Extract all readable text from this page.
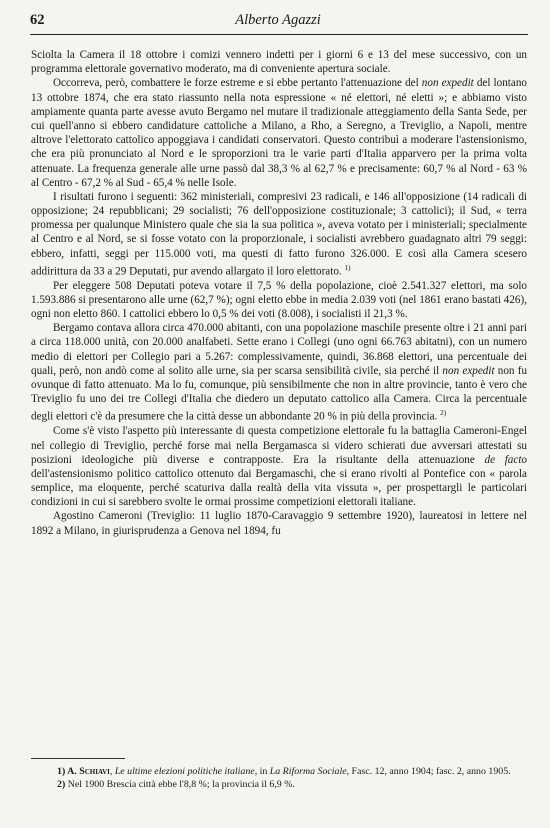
62	Alberto Agazzi

Sciolta la Camera il 18 ottobre i comizi vennero indetti per i giorni 6 e 13 del mese successivo, con un programma elettorale governativo moderato, ma di conveniente apertura sociale.

Occorreva, però, combattere le forze estreme e si ebbe pertanto l'attenuazione del non expedit del lontano 13 ottobre 1874, che era stato riassunto nella nota espressione « né elettori, né eletti »; e abbiamo visto ampiamente quanta parte avesse avuto Bergamo nel mutare il tradizionale atteggiamento della Santa Sede, per cui quell'anno si ebbero candidature cattoliche a Milano, a Rho, a Seregno, a Treviglio, a Napoli, mentre altrove l'elettorato cattolico appoggiava i candidati conservatori. Questo contribuì a moderare l'astensionismo, che era più pronunciato al Nord e le sproporzioni tra le varie parti d'Italia apparvero per la prima volta attenuate. La frequenza generale alle urne passò dal 38,3 % al 62,7 % e precisamente: 60,7 % al Nord - 63 % al Centro - 67,2 % al Sud - 65,4 % nelle Isole.

I risultati furono i seguenti: 362 ministeriali, compresivi 23 radicali, e 146 all'opposizione (14 radicali di opposizione; 24 repubblicani; 29 socialisti; 76 dell'opposizione costituzionale; 3 cattolici); il Sud, « terra promessa per qualunque Ministero quale che sia la sua politica », aveva votato per i ministeriali; specialmente al Centro e al Nord, se si fosse votato con la proporzionale, i socialisti avrebbero guadagnato altri 79 seggi: ebbero, infatti, seggi per 115.000 voti, ma questi di fatto furono 326.000. E così alla Camera scesero addirittura da 33 a 29 Deputati, pur avendo allargato il loro elettorato. $^{1)}$

Per eleggere 508 Deputati poteva votare il 7,5 % della popolazione, cioè 2.541.327 elettori, ma solo 1.593.886 si presentarono alle urne (62,7 %); ogni eletto ebbe in media 2.039 voti (nel 1861 erano bastati 426), ogni non eletto 860. I cattolici ebbero lo 0,5 % dei voti (8.008), i socialisti il 21,3 %.

Bergamo contava allora circa 470.000 abitanti, con una popolazione maschile presente oltre i 21 anni pari a circa 118.000 unità, con 20.000 analfabeti. Sette erano i Collegi (uno ogni 66.763 abitatni), con un numero medio di elettori per Collegio pari a 5.267: complessivamente, quindi, 36.868 elettori, una percentuale dei quali, però, non andò come al solito alle urne, sia per scarsa sensibilità civile, sia perché il non expedit non fu ovunque di fatto attenuato. Ma lo fu, comunque, più sensibilmente che non in altre provincie, tanto è vero che Treviglio fu uno dei tre Collegi d'Italia che diedero un deputato cattolico alla Camera. Circa la percentuale degli elettori c'è da presumere che la città desse un abbondante 20 % in più della provincia. $^{2)}$

Come s'è visto l'aspetto più interessante di questa competizione elettorale fu la battaglia Cameroni-Engel nel collegio di Treviglio, perché forse mai nella Bergamasca si videro schierati due avversari attestati su posizioni ideologiche più diverse e contrapposte. Era la risultante della attenuazione de facto dell'astensionismo politico cattolico ottenuto dai Bergamaschi, che si erano rivolti al Pontefice con « parola semplice, ma eloquente, perché scaturiva dalla realtà della vita vissuta », per prospettargli le particolari condizioni in cui si sarebbero svolte le ormai prossime competizioni elettorali italiane.

Agostino Cameroni (Treviglio: 11 luglio 1870-Caravaggio 9 settembre 1920), laureatosi in lettere nel 1892 a Milano, in giurisprudenza a Genova nel 1894, fu

1) A. Schiavi, Le ultime elezioni politiche italiane, in La Riforma Sociale, Fasc. 12, anno 1904; fasc. 2, anno 1905.

2) Nel 1900 Brescia città ebbe l'8,8 %; la provincia il 6,9 %.
